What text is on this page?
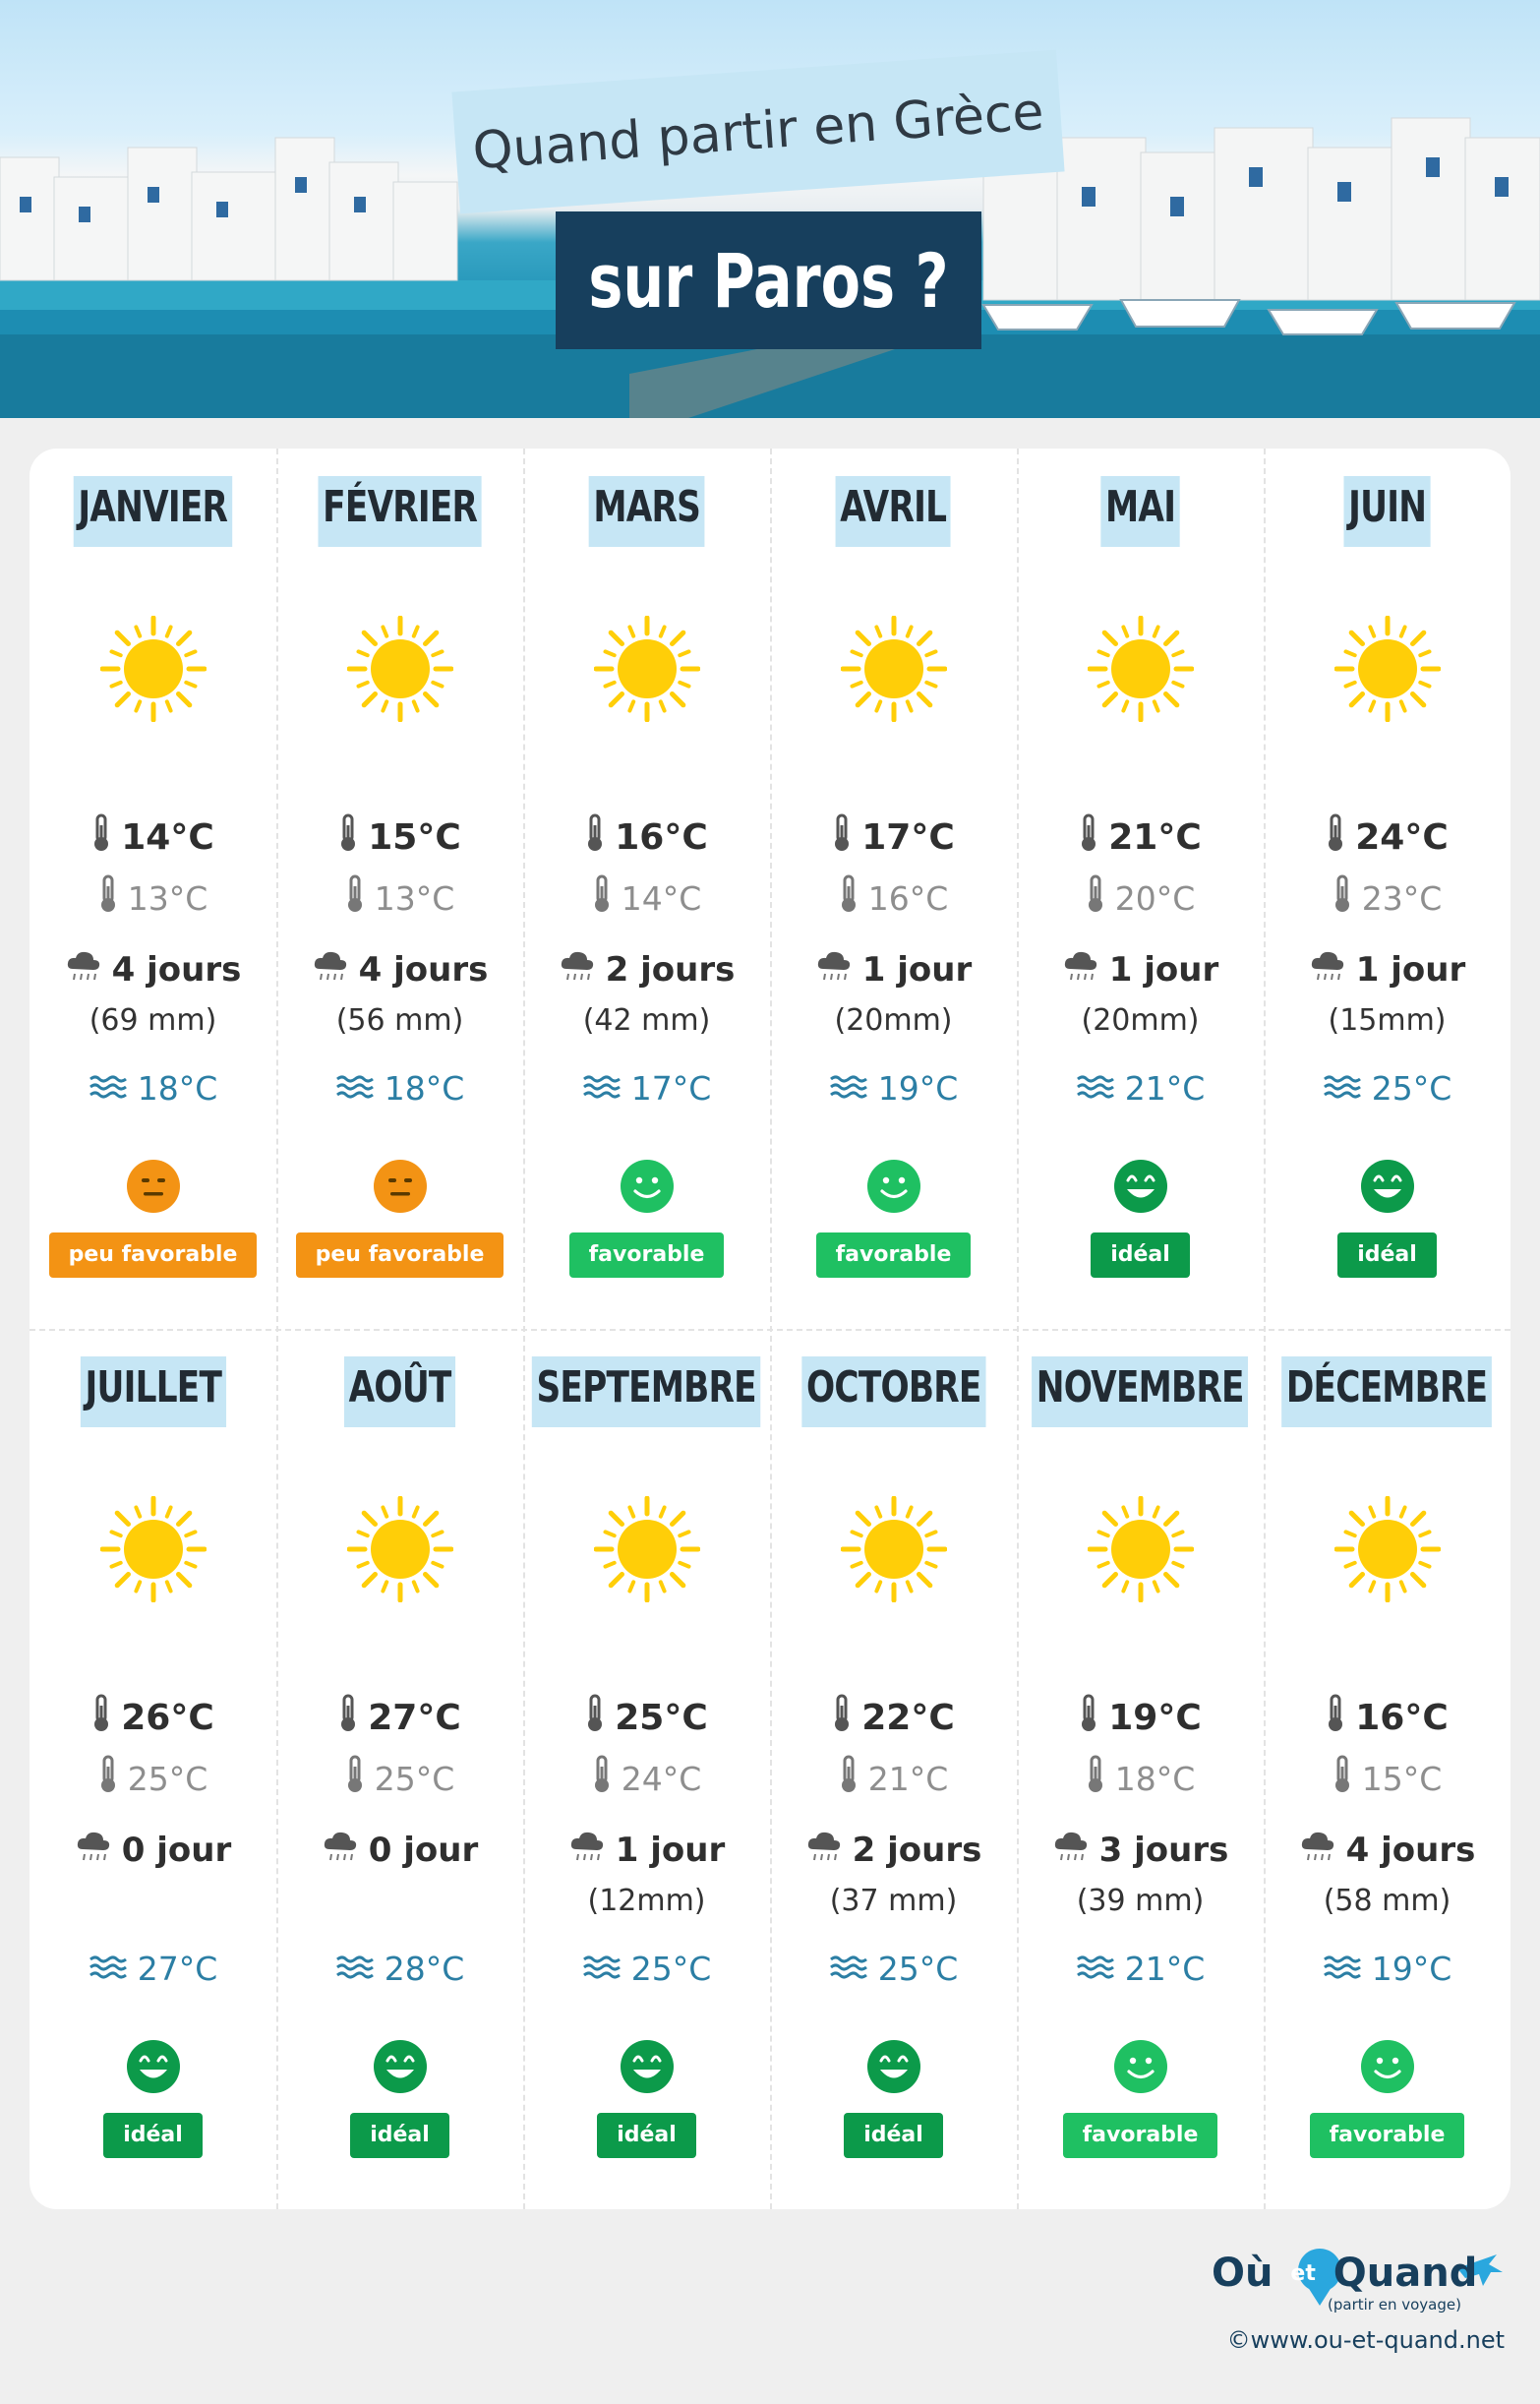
Quand partir en Grèce
sur Paros ?
JANVIER
14°C
13°C
4 jours
(69 mm)
18°C
peu favorable
FÉVRIER
15°C
13°C
4 jours
(56 mm)
18°C
peu favorable
MARS
16°C
14°C
2 jours
(42 mm)
17°C
favorable
AVRIL
17°C
16°C
1 jour
(20mm)
19°C
favorable
MAI
21°C
20°C
1 jour
(20mm)
21°C
idéal
JUIN
24°C
23°C
1 jour
(15mm)
25°C
idéal
JUILLET
26°C
25°C
0 jour
27°C
idéal
AOÛT
27°C
25°C
0 jour
28°C
idéal
SEPTEMBRE
25°C
24°C
1 jour
(12mm)
25°C
idéal
OCTOBRE
22°C
21°C
2 jours
(37 mm)
25°C
idéal
NOVEMBRE
19°C
18°C
3 jours
(39 mm)
21°C
favorable
DÉCEMBRE
16°C
15°C
4 jours
(58 mm)
19°C
favorable
Où et Quand
(partir en voyage)
©www.ou-et-quand.net
